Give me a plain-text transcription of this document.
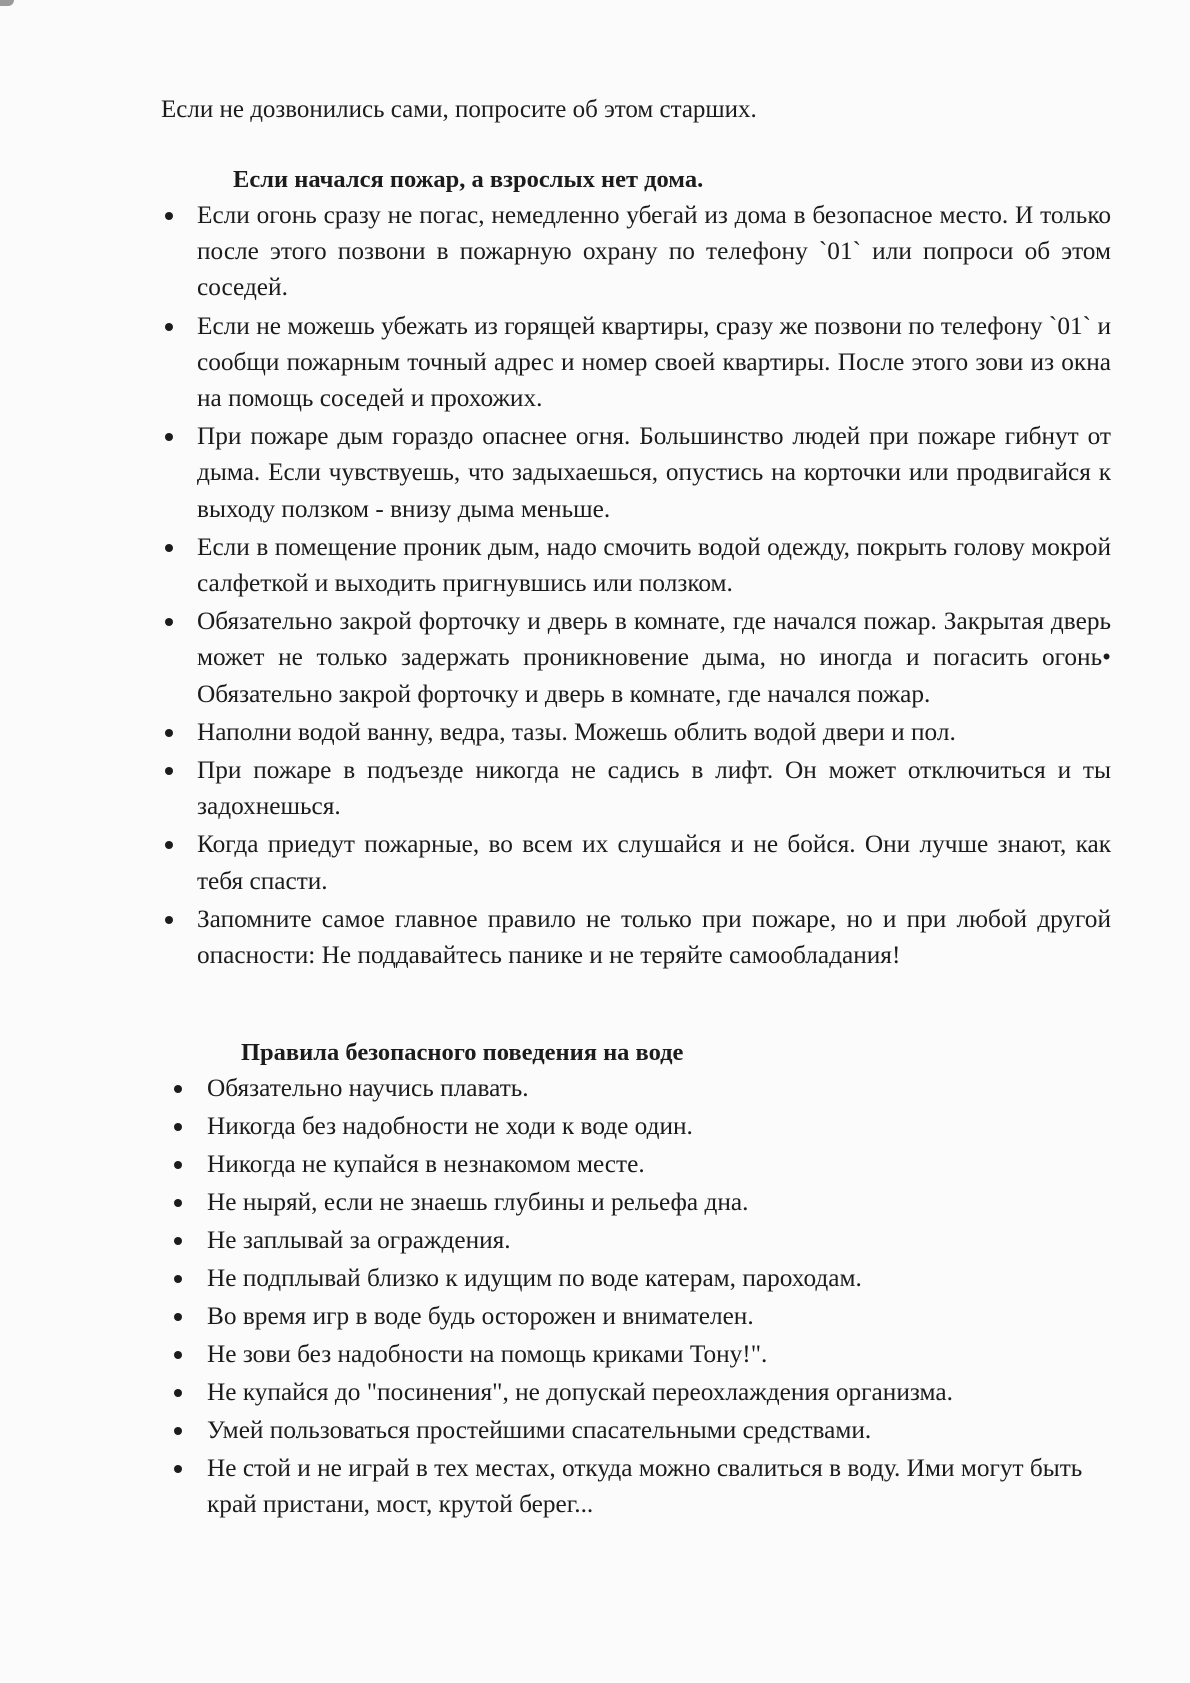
Если не дозвонились сами, попросите об этом старших.

Если начался пожар, а взрослых нет дома.
Если огонь сразу не погас, немедленно убегай из дома в безопасное место. И только после этого позвони в пожарную охрану по телефону `01` или попроси об этом соседей.
Если не можешь убежать из горящей квартиры, сразу же позвони по телефону `01` и сообщи пожарным точный адрес и номер своей квартиры. После этого зови из окна на помощь соседей и прохожих.
При пожаре дым гораздо опаснее огня. Большинство людей при пожаре гибнут от дыма. Если чувствуешь, что задыхаешься, опустись на корточки или продвигайся к выходу ползком - внизу дыма меньше.
Если в помещение проник дым, надо смочить водой одежду, покрыть голову мокрой салфеткой и выходить пригнувшись или ползком.
Обязательно закрой форточку и дверь в комнате, где начался пожар. Закрытая дверь может не только задержать проникновение дыма, но иногда и погасить огонь• Обязательно закрой форточку и дверь в комнате, где начался пожар.
Наполни водой ванну, ведра, тазы. Можешь облить водой двери и пол.
При пожаре в подъезде никогда не садись в лифт. Он может отключиться и ты задохнешься.
Когда приедут пожарные, во всем их слушайся и не бойся. Они лучше знают, как тебя спасти.
Запомните самое главное правило не только при пожаре, но и при любой другой опасности: Не поддавайтесь панике и не теряйте самообладания!
Правила безопасного поведения на воде
Обязательно научись плавать.
Никогда без надобности не ходи к воде один.
Никогда не купайся в незнакомом месте.
Не ныряй, если не знаешь глубины и рельефа дна.
Не заплывай за ограждения.
Не подплывай близко к идущим по воде катерам, пароходам.
Во время игр в воде будь осторожен и внимателен.
Не зови без надобности на помощь криками Тону!".
Не купайся до "посинения", не допускай переохлаждения организма.
Умей пользоваться простейшими спасательными средствами.
Не стой и не играй в тех местах, откуда можно свалиться в воду. Ими могут быть край пристани, мост, крутой берег...
